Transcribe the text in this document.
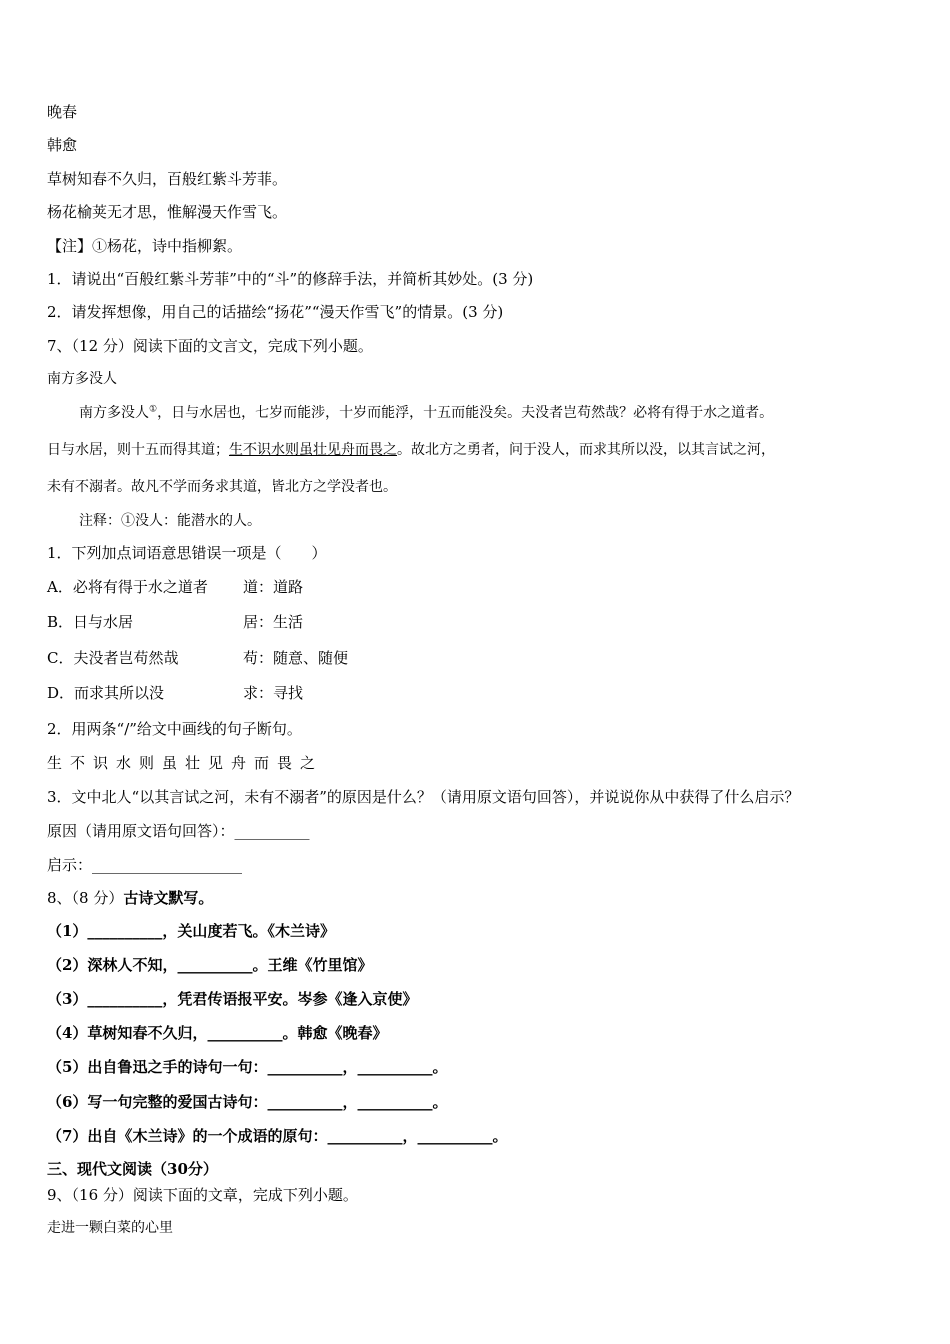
晚春
韩愈
草树知春不久归，百般红紫斗芳菲。
杨花榆荚无才思，惟解漫天作雪飞。
【注】①杨花，诗中指柳絮。
1．请说出“百般红紫斗芳菲”中的“斗”的修辞手法，并简析其妙处。(3 分)
2．请发挥想像，用自己的话描绘“扬花”“漫天作雪飞”的情景。(3 分)
7、（12 分）阅读下面的文言文，完成下列小题。
南方多没人
南方多没人①，日与水居也，七岁而能涉，十岁而能浮，十五而能没矣。夫没者岂苟然哉？必将有得于水之道者。
日与水居，则十五而得其道；生不识水则虽壮见舟而畏之。故北方之勇者，问于没人，而求其所以没，以其言试之河，
未有不溺者。故凡不学而务求其道，皆北方之学没者也。
注释：①没人：能潜水的人。
1．下列加点词语意思错误一项是（　　）
A．必将有得于水之道者 道：道路
B．日与水居	居：生活
C．夫没者岂苟然哉	苟：随意、随便
D．而求其所以没	求：寻找
2．用两条“/”给文中画线的句子断句。
生不识水则虽壮见舟而畏之
3．文中北人“以其言试之河，未有不溺者”的原因是什么？（请用原文语句回答），并说说你从中获得了什么启示？
原因（请用原文语句回答）：__________
启示：____________________
8、（8 分）古诗文默写。
（1）__________，关山度若飞。《木兰诗》
（2）深林人不知，__________。王维《竹里馆》
（3）__________，凭君传语报平安。岑参《逢入京使》
（4）草树知春不久归，__________。韩愈《晚春》
（5）出自鲁迅之手的诗句一句：__________，__________。
（6）写一句完整的爱国古诗句：__________，__________。
（7）出自《木兰诗》的一个成语的原句：__________，__________。
三、现代文阅读（30分）
9、（16 分）阅读下面的文章，完成下列小题。
走进一颗白菜的心里
